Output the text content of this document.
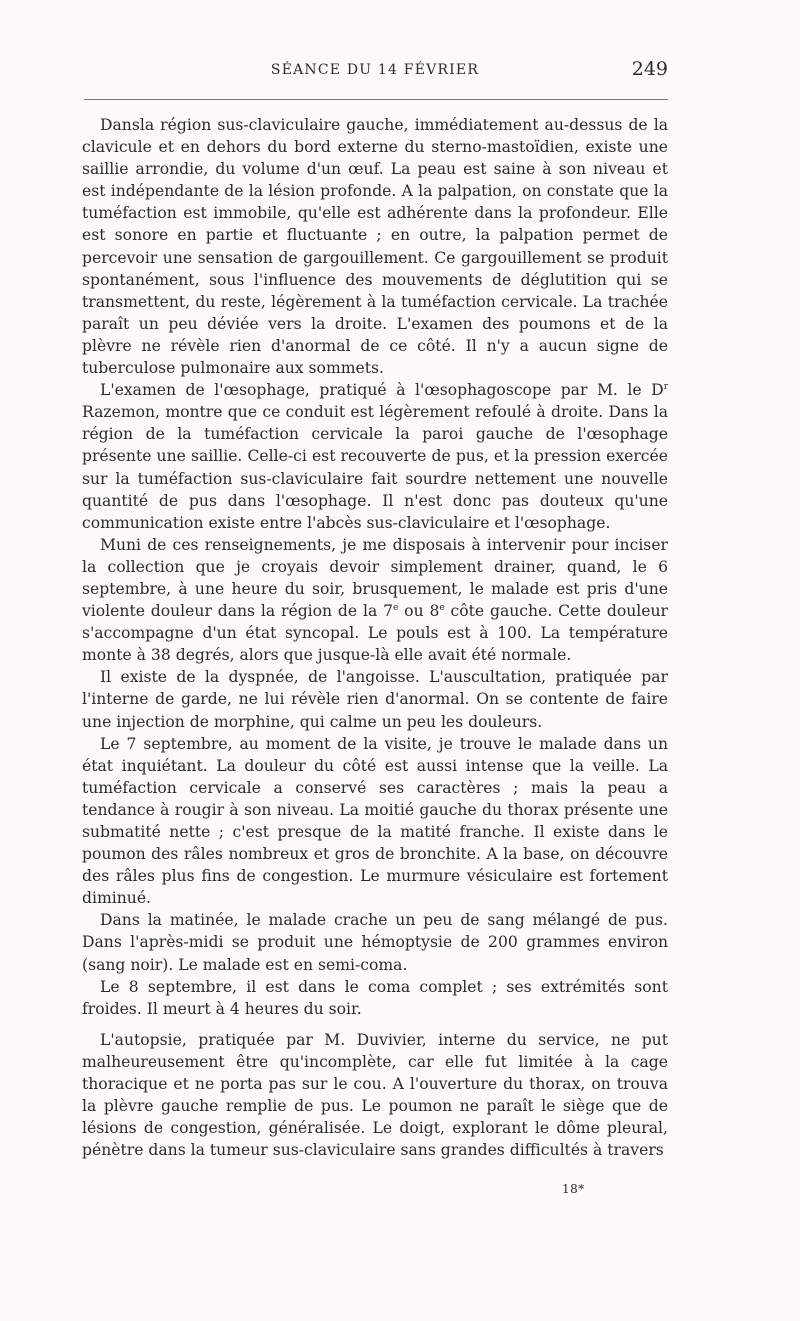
SÉANCE DU 14 FÉVRIER	249

Dansla région sus-claviculaire gauche, immédiatement au-dessus de la clavicule et en dehors du bord externe du sterno-mastoïdien, existe une saillie arrondie, du volume d'un œuf. La peau est saine à son niveau et est indépendante de la lésion profonde. A la palpation, on constate que la tuméfaction est immobile, qu'elle est adhérente dans la profondeur. Elle est sonore en partie et fluctuante ; en outre, la palpation permet de percevoir une sensation de gargouillement. Ce gargouillement se produit spontanément, sous l'influence des mouvements de déglutition qui se transmettent, du reste, légèrement à la tuméfaction cervicale. La trachée paraît un peu déviée vers la droite. L'examen des poumons et de la plèvre ne révèle rien d'anormal de ce côté. Il n'y a aucun signe de tuberculose pulmonaire aux sommets.

L'examen de l'œsophage, pratiqué à l'œsophagoscope par M. le $D^r$ Razemon, montre que ce conduit est légèrement refoulé à droite. Dans la région de la tuméfaction cervicale la paroi gauche de l'œsophage présente une saillie. Celle-ci est recouverte de pus, et la pression exercée sur la tuméfaction sus-claviculaire fait sourdre nettement une nouvelle quantité de pus dans l'œsophage. Il n'est donc pas douteux qu'une communication existe entre l'abcès sus-claviculaire et l'œsophage.

Muni de ces renseignements, je me disposais à intervenir pour inciser la collection que je croyais devoir simplement drainer, quand, le 6 septembre, à une heure du soir, brusquement, le malade est pris d'une violente douleur dans la région de la 7e ou 8e côte gauche. Cette douleur s'accompagne d'un état syncopal. Le pouls est à 100. La température monte à 38 degrés, alors que jusque-là elle avait été normale.

Il existe de la dyspnée, de l'angoisse. L'auscultation, pratiquée par l'interne de garde, ne lui révèle rien d'anormal. On se contente de faire une injection de morphine, qui calme un peu les douleurs.

Le 7 septembre, au moment de la visite, je trouve le malade dans un état inquiétant. La douleur du côté est aussi intense que la veille. La tuméfaction cervicale a conservé ses caractères ; mais la peau a tendance à rougir à son niveau. La moitié gauche du thorax présente une submatité nette ; c'est presque de la matité franche. Il existe dans le poumon des râles nombreux et gros de bronchite. A la base, on découvre des râles plus fins de congestion. Le murmure vésiculaire est fortement diminué.

Dans la matinée, le malade crache un peu de sang mélangé de pus. Dans l'après-midi se produit une hémoptysie de 200 grammes environ (sang noir). Le malade est en semi-coma.

Le 8 septembre, il est dans le coma complet ; ses extrémités sont froides. Il meurt à 4 heures du soir.

L'autopsie, pratiquée par M. Duvivier, interne du service, ne put malheureusement être qu'incomplète, car elle fut limitée à la cage thoracique et ne porta pas sur le cou. A l'ouverture du thorax, on trouva la plèvre gauche remplie de pus. Le poumon ne paraît le siège que de lésions de congestion, généralisée. Le doigt, explorant le dôme pleural, pénètre dans la tumeur sus-claviculaire sans grandes difficultés à travers

18*
